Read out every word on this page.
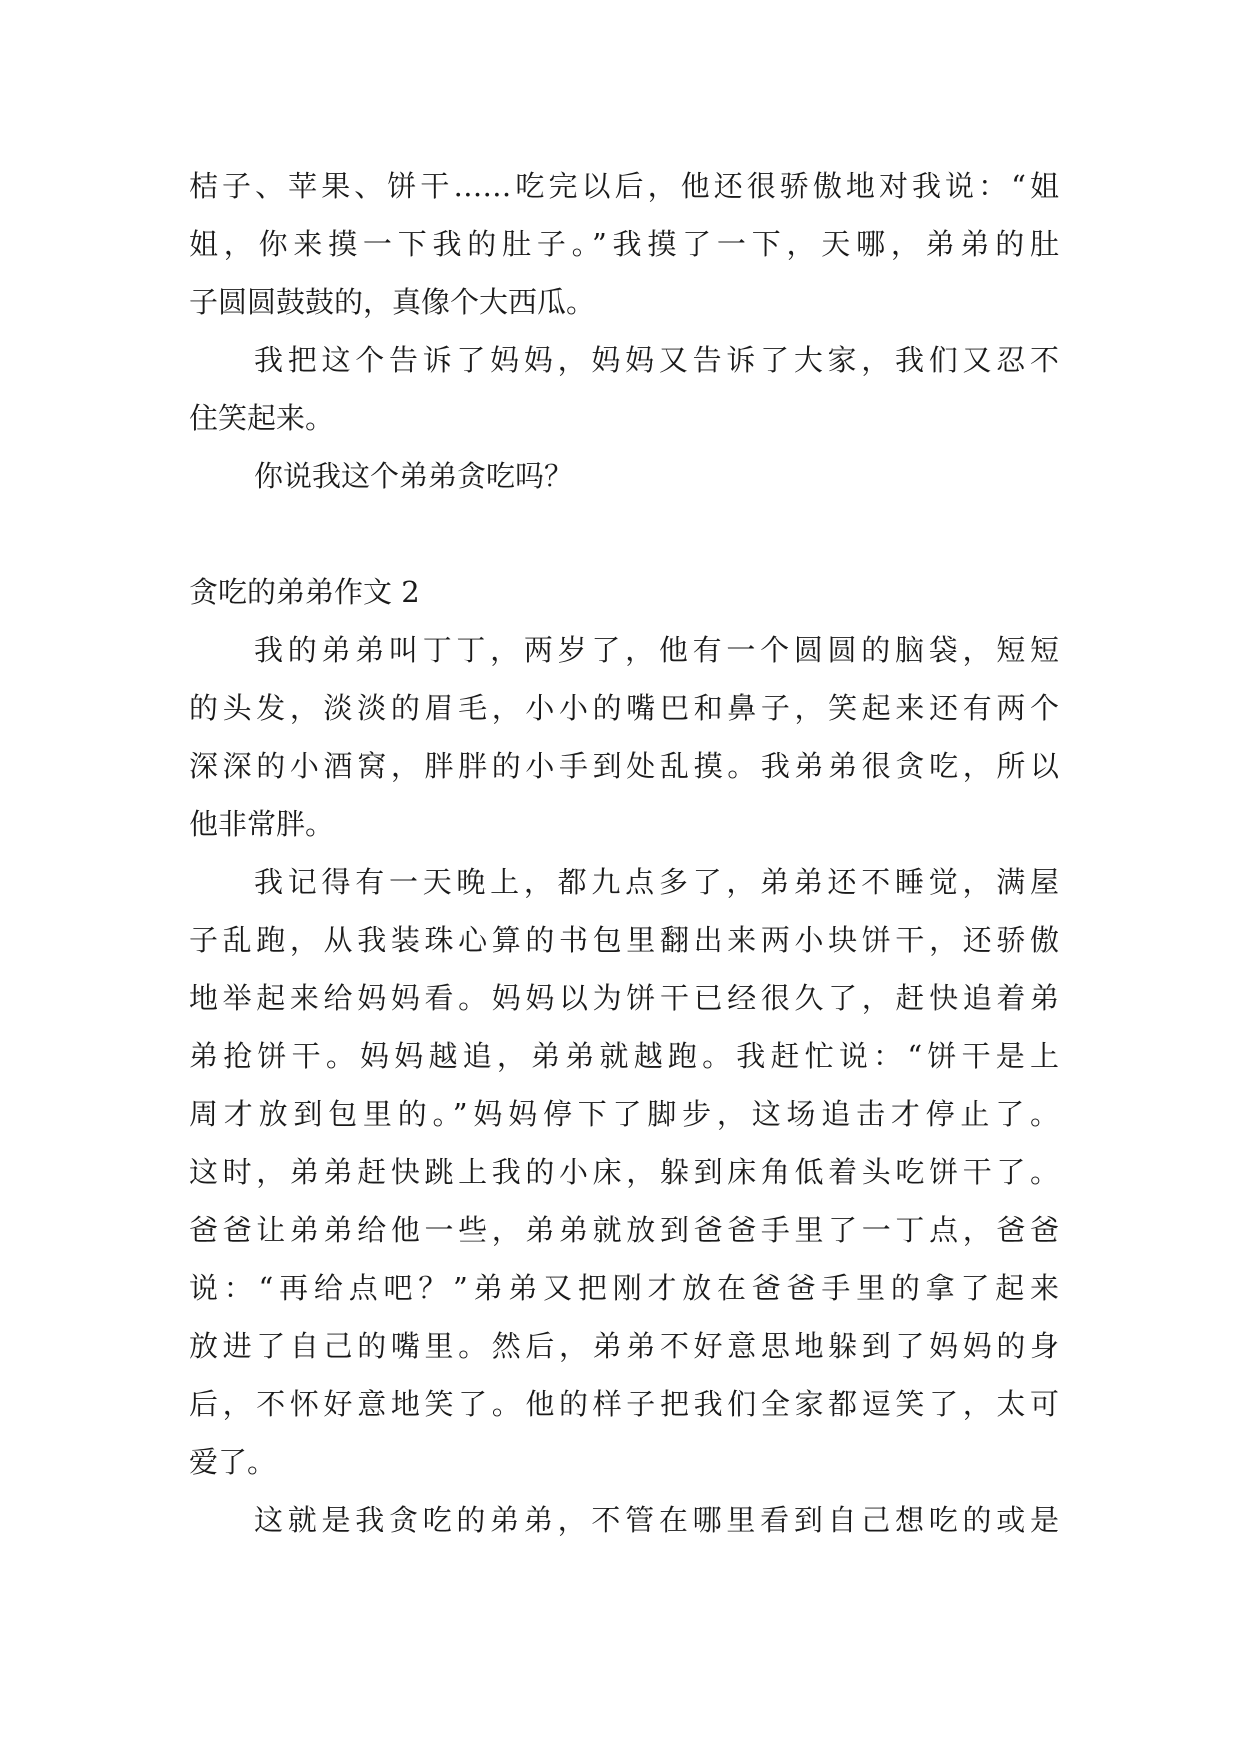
桔子、苹果、饼干……吃完以后，他还很骄傲地对我说：“姐
姐，你来摸一下我的肚子。”我摸了一下，天哪，弟弟的肚
子圆圆鼓鼓的，真像个大西瓜。
我把这个告诉了妈妈，妈妈又告诉了大家，我们又忍不
住笑起来。
你说我这个弟弟贪吃吗？
贪吃的弟弟作文 2
我的弟弟叫丁丁，两岁了，他有一个圆圆的脑袋，短短
的头发，淡淡的眉毛，小小的嘴巴和鼻子，笑起来还有两个
深深的小酒窝，胖胖的小手到处乱摸。我弟弟很贪吃，所以
他非常胖。
我记得有一天晚上，都九点多了，弟弟还不睡觉，满屋
子乱跑，从我装珠心算的书包里翻出来两小块饼干，还骄傲
地举起来给妈妈看。妈妈以为饼干已经很久了，赶快追着弟
弟抢饼干。妈妈越追，弟弟就越跑。我赶忙说：“饼干是上
周才放到包里的。”妈妈停下了脚步，这场追击才停止了。
这时，弟弟赶快跳上我的小床，躲到床角低着头吃饼干了。
爸爸让弟弟给他一些，弟弟就放到爸爸手里了一丁点，爸爸
说：“再给点吧？”弟弟又把刚才放在爸爸手里的拿了起来
放进了自己的嘴里。然后，弟弟不好意思地躲到了妈妈的身
后，不怀好意地笑了。他的样子把我们全家都逗笑了，太可
爱了。
这就是我贪吃的弟弟，不管在哪里看到自己想吃的或是
